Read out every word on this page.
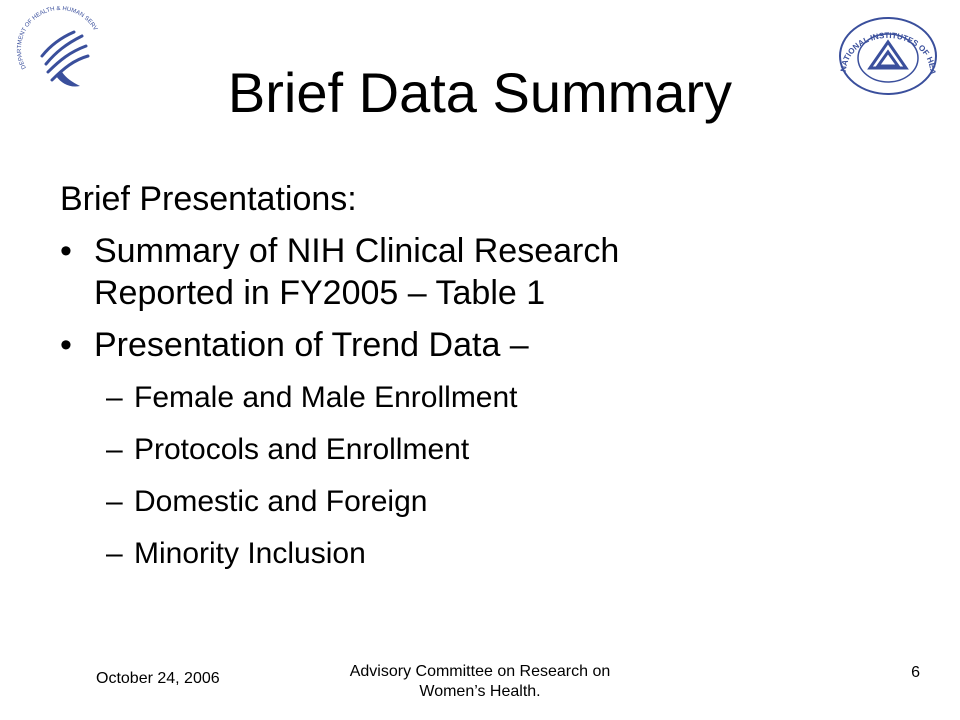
DEPARTMENT OF HEALTH & HUMAN SERV
NATIONAL INSTITUTES OF HEA
Brief Data Summary
Brief Presentations:
• Summary of NIH Clinical Research
Reported in FY2005 – Table 1
• Presentation of Trend Data –
– Female and Male Enrollment
– Protocols and Enrollment
– Domestic and Foreign
– Minority Inclusion
October 24, 2006	Advisory Committee on Research on
Women’s Health.
6
